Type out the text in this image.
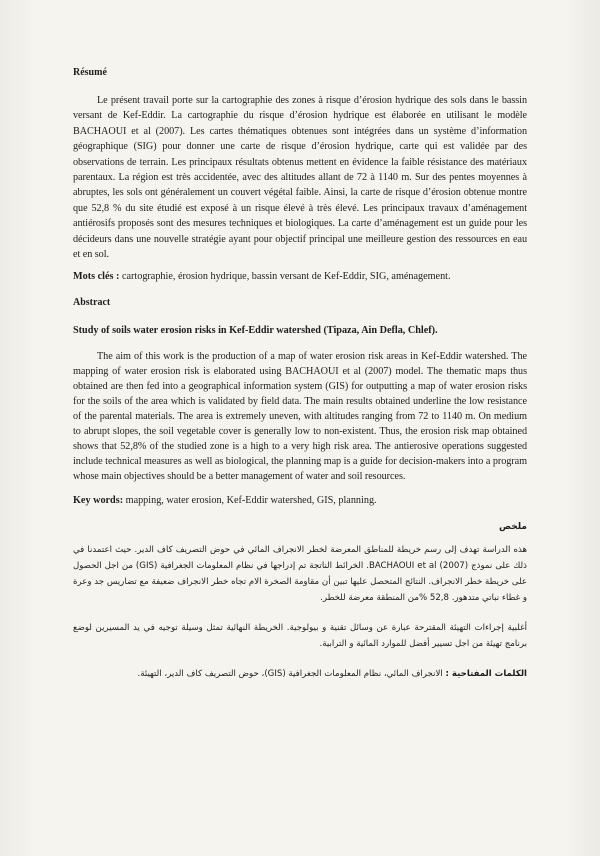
Résumé

Le présent travail porte sur la cartographie des zones à risque d’érosion hydrique des sols dans le bassin versant de Kef-Eddir. La cartographie du risque d’érosion hydrique est élaborée en utilisant le modèle BACHAOUI et al (2007). Les cartes thématiques obtenues sont intégrées dans un système d’information géographique (SIG) pour donner une carte de risque d’érosion hydrique, carte qui est validée par des observations de terrain. Les principaux résultats obtenus mettent en évidence la faible résistance des matériaux parentaux. La région est très accidentée, avec des altitudes allant de 72 à 1140 m. Sur des pentes moyennes à abruptes, les sols ont généralement un couvert végétal faible. Ainsi, la carte de risque d’érosion obtenue montre que 52,8 % du site étudié est exposé à un risque élevé à très élevé. Les principaux travaux d’aménagement antiérosifs proposés sont des mesures techniques et biologiques. La carte d’aménagement est un guide pour les décideurs dans une nouvelle stratégie ayant pour objectif principal une meilleure gestion des ressources en eau et en sol.

Mots clés : cartographie, érosion hydrique, bassin versant de Kef-Eddir, SIG, aménagement.

Abstract

Study of soils water erosion risks in Kef-Eddir watershed (Tipaza, Ain Defla, Chlef).

The aim of this work is the production of a map of water erosion risk areas in Kef-Eddir watershed. The mapping of water erosion risk is elaborated using BACHAOUI et al (2007) model. The thematic maps thus obtained are then fed into a geographical information system (GIS) for outputting a map of water erosion risks for the soils of the area which is validated by field data. The main results obtained underline the low resistance of the parental materials. The area is extremely uneven, with altitudes ranging from 72 to 1140 m. On medium to abrupt slopes, the soil vegetable cover is generally low to non-existent. Thus, the erosion risk map obtained shows that 52,8% of the studied zone is a high to a very high risk area. The antierosive operations suggested include technical measures as well as biological, the planning map is a guide for decision-makers into a program whose main objectives should be a better management of water and soil resources.

Key words: mapping, water erosion, Kef-Eddir watershed, GIS, planning.

ملخص

هذه الدراسة تهدف إلى رسم خريطة للمناطق المعرضة لخطر الانجراف المائي في حوض التصريف كاف الدير. حيث اعتمدنا في ذلك على نموذج BACHAOUI et al (2007). الخرائط الناتجة تم إدراجها في نظام المعلومات الجغرافية (GIS) من اجل الحصول على خريطة خطر الانجراف. النتائج المتحصل عليها تبين أن مقاومة الصخرة الام تجاه خطر الانجراف ضعيفة مع تضاريس جد وعرة و غطاء نباتي متدهور. 52,8 %من المنطقة معرضة للخطر.

أغلبية إجراءات التهيئة المقترحة عبارة عن وسائل تقنية و بيولوجية. الخريطة النهائية تمثل وسيلة توجيه في يد المسيرين لوضع برنامج تهيئة من اجل تسيير أفضل للموارد المائية و الترابية.

الكلمات المفتاحية : الانجراف المائي، نظام المعلومات الجغرافية (GIS)، حوض التصريف كاف الدير، التهيئة.
